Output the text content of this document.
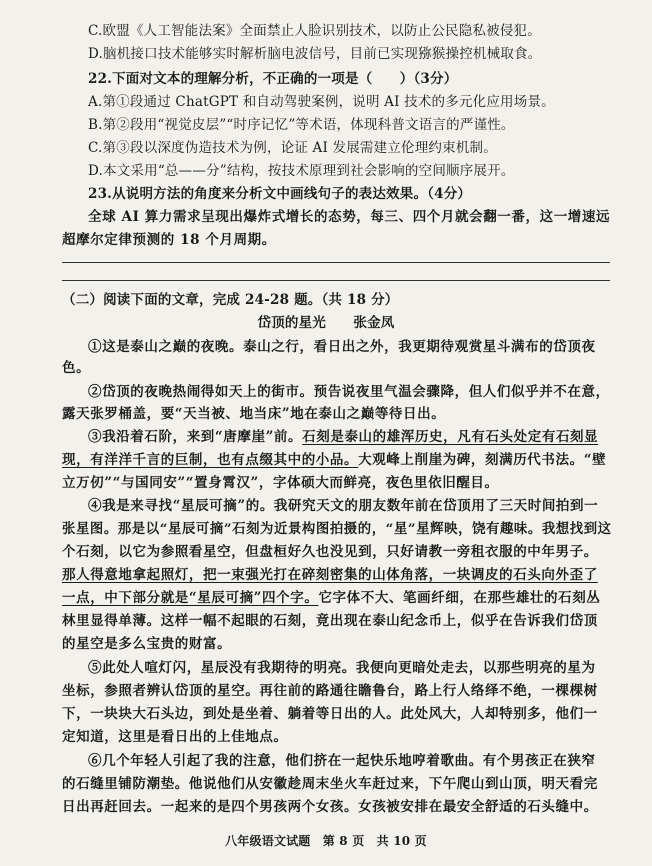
C.欧盟《人工智能法案》全面禁止人脸识别技术，以防止公民隐私被侵犯。
D.脑机接口技术能够实时解析脑电波信号，目前已实现猕猴操控机械取食。
22.下面对文本的理解分析，不正确的一项是（　　）（3分）
A.第①段通过 ChatGPT 和自动驾驶案例，说明 AI 技术的多元化应用场景。
B.第②段用“视觉皮层”“时序记忆”等术语，体现科普文语言的严谨性。
C.第③段以深度伪造技术为例，论证 AI 发展需建立伦理约束机制。
D.本文采用“总——分”结构，按技术原理到社会影响的空间顺序展开。
23.从说明方法的角度来分析文中画线句子的表达效果。（4分）
全球 AI 算力需求呈现出爆炸式增长的态势，每三、四个月就会翻一番，这一增速远
超摩尔定律预测的 18 个月周期。
（二）阅读下面的文章，完成 24-28 题。（共 18 分）
岱顶的星光　　张金凤
①这是泰山之巅的夜晚。泰山之行，看日出之外，我更期待观赏星斗满布的岱顶夜
色。
②岱顶的夜晚热闹得如天上的街市。预告说夜里气温会骤降，但人们似乎并不在意，
露天张罗桶盖，要“天当被、地当床”地在泰山之巅等待日出。
③我沿着石阶，来到“唐摩崖”前。石刻是泰山的雄浑历史，凡有石头处定有石刻显
现，有洋洋千言的巨制，也有点缀其中的小品。大观峰上削崖为碑，刻满历代书法。“壁
立万仞”“与国同安”“置身霄汉”，字体硕大而鲜亮，夜色里依旧醒目。
④我是来寻找“星辰可摘”的。我研究天文的朋友数年前在岱顶用了三天时间拍到一
张星图。那是以“星辰可摘”石刻为近景构图拍摄的，“星”星辉映，饶有趣味。我想找到这
个石刻，以它为参照看星空，但盘桓好久也没见到，只好请教一旁租衣服的中年男子。
那人得意地拿起照灯，把一束强光打在碎刻密集的山体角落，一块调皮的石头向外歪了
一点，中下部分就是“星辰可摘”四个字。它字体不大、笔画纤细，在那些雄壮的石刻丛
林里显得单薄。这样一幅不起眼的石刻，竟出现在泰山纪念币上，似乎在告诉我们岱顶
的星空是多么宝贵的财富。
⑤此处人喧灯闪，星辰没有我期待的明亮。我便向更暗处走去，以那些明亮的星为
坐标，参照者辨认岱顶的星空。再往前的路通往瞻鲁台，路上行人络绎不绝，一棵棵树
下，一块块大石头边，到处是坐着、躺着等日出的人。此处风大，人却特别多，他们一
定知道，这里是看日出的上佳地点。
⑥几个年轻人引起了我的注意，他们挤在一起快乐地哼着歌曲。有个男孩正在狭窄
的石缝里铺防潮垫。他说他们从安徽趁周末坐火车赶过来，下午爬山到山顶，明天看完
日出再赶回去。一起来的是四个男孩两个女孩。女孩被安排在最安全舒适的石头缝中。
八年级语文试题　第 8 页　共 10 页
